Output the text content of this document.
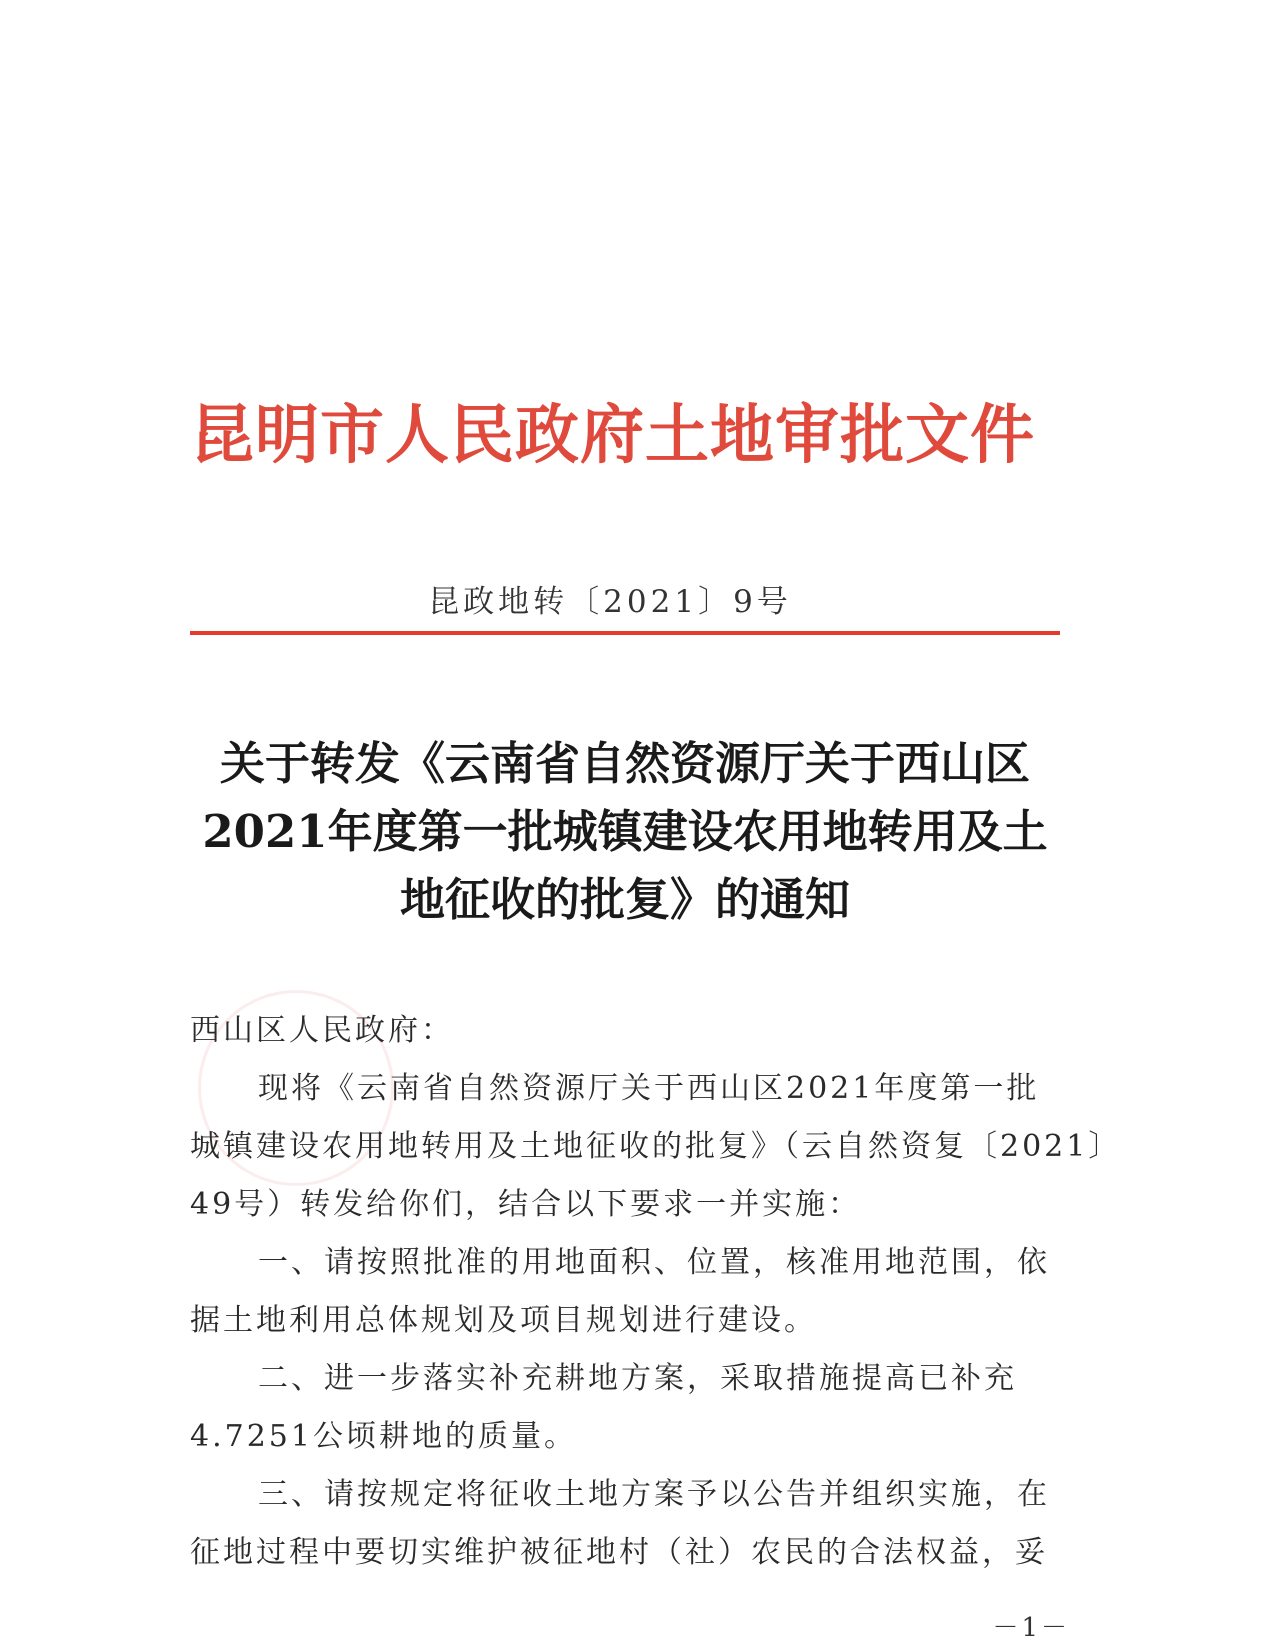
昆明市人民政府土地审批文件
昆政地转〔2021〕9号
关于转发《云南省自然资源厅关于西山区
2021年度第一批城镇建设农用地转用及土
地征收的批复》的通知

西山区人民政府：

现将《云南省自然资源厅关于西山区2021年度第一批

城镇建设农用地转用及土地征收的批复》（云自然资复〔2021〕

49号）转发给你们，结合以下要求一并实施：

一、请按照批准的用地面积、位置，核准用地范围，依

据土地利用总体规划及项目规划进行建设。

二、进一步落实补充耕地方案，采取措施提高已补充

4.7251公顷耕地的质量。

三、请按规定将征收土地方案予以公告并组织实施，在

征地过程中要切实维护被征地村（社）农民的合法权益，妥

－1－
